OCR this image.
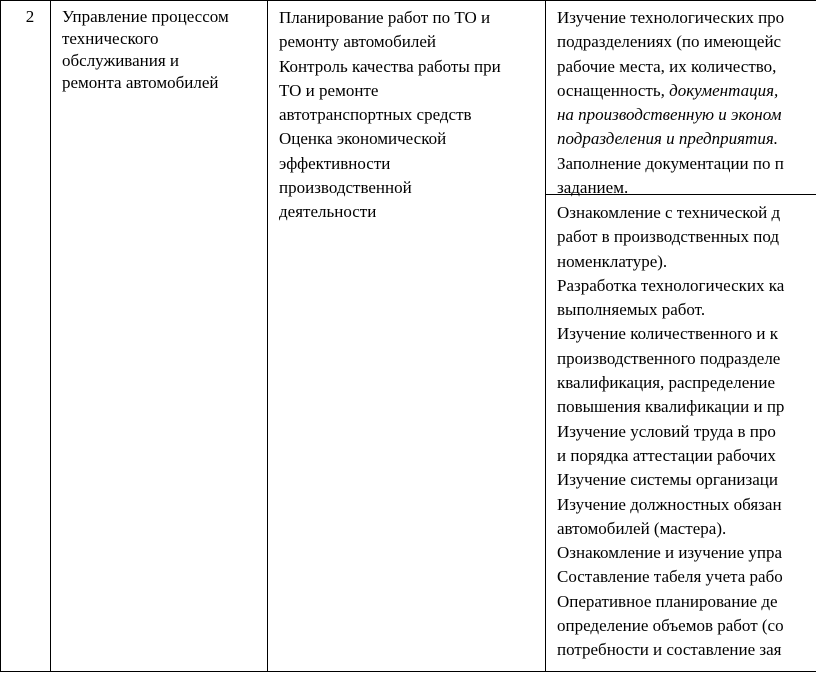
2	Управление процессом

технического

обслуживания и

ремонта автомобилей

Планирование работ по ТО и

ремонту автомобилей

Контроль качества работы при

ТО и ремонте

автотранспортных средств

Оценка экономической

эффективности

производственной

деятельности

Изучение технологических про

подразделениях (по имеющейс

рабочие места, их количество,

оснащенность, документация,

на производственную и эконом

подразделения и предприятия.

Заполнение документации по п

заданием.

Ознакомление с технической д

работ в производственных под

номенклатуре).

Разработка технологических ка

выполняемых работ.

Изучение количественного и к

производственного подразделе

квалификация, распределение

повышения квалификации и пр

Изучение условий труда в про

и порядка аттестации рабочих

Изучение системы организаци

Изучение должностных обязан

автомобилей (мастера).

Ознакомление и изучение упра

Составление табеля учета рабо

Оперативное планирование де

определение объемов работ (со

потребности и составление зая
